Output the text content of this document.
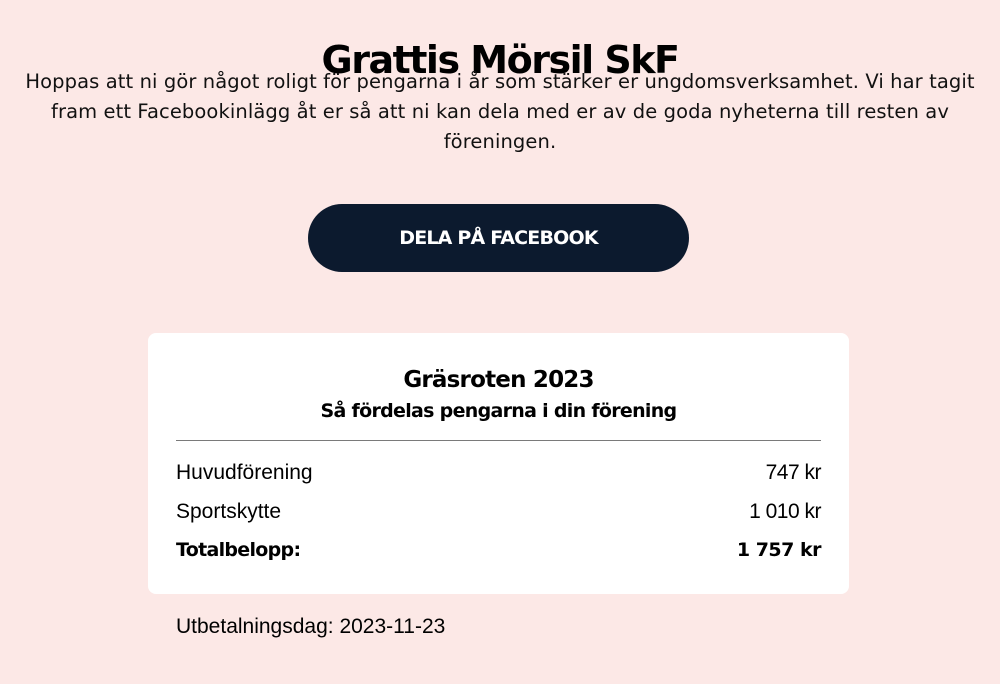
Grattis Mörsil SkF

Hoppas att ni gör något roligt för pengarna i år som stärker er ungdomsverksamhet. Vi har tagit fram ett Facebookinlägg åt er så att ni kan dela med er av de goda nyheterna till resten av föreningen.

DELA PÅ FACEBOOK
Gräsroten 2023
Så fördelas pengarna i din förening
Huvudförening	747 kr
Sportskytte	1 010 kr
Totalbelopp:	1 757 kr
Utbetalningsdag: 2023-11-23
